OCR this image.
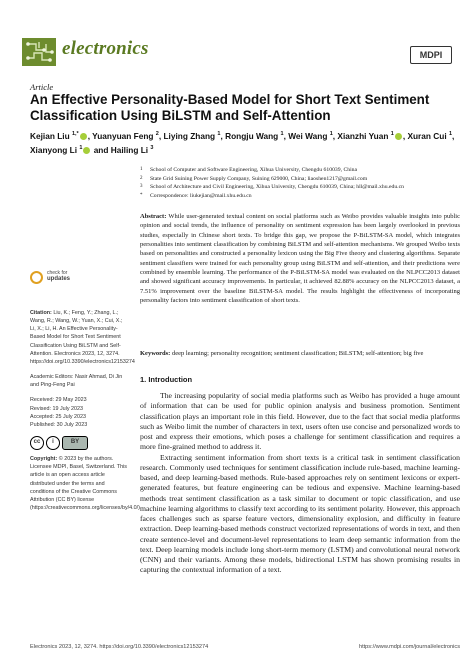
electronics	MDPI
Article
An Effective Personality-Based Model for Short Text Sentiment Classification Using BiLSTM and Self-Attention
Kejian Liu $^{1,*}$ , Yuanyuan Feng $^2$, Liying Zhang $^1$, Rongju Wang $^1$, Wei Wang $^1$, Xianzhi Yuan $^1$ , Xuran Cui $^1$, Xianyong Li $^1$ and Hailing Li $^3$
1	School of Computer and Software Engineering, Xihua University, Chengdu 610039, China
2	State Grid Suining Power Supply Company, Suining 629000, China; liaoshen1217@gmail.com
3	School of Architecture and Civil Engineering, Xihua University, Chengdu 610039, China; hll@mail.xhu.edu.cn
*	Correspondence: liukejian@mail.xhu.edu.cn
Abstract: While user-generated textual content on social platforms such as Weibo provides valuable insights into public opinion and social trends, the influence of personality on sentiment expression has been largely overlooked in previous studies, especially in Chinese short texts. To bridge this gap, we propose the P-BiLSTM-SA model, which integrates personalities into sentiment classification by combining BiLSTM and self-attention mechanisms. We grouped Weibo texts based on personalities and constructed a personality lexicon using the Big Five theory and clustering algorithms. Separate sentiment classifiers were trained for each personality group using BiLSTM and self-attention, and their predictions were combined by ensemble learning. The performance of the P-BiLSTM-SA model was evaluated on the NLPCC2013 dataset and showed significant accuracy improvements. In particular, it achieved 82.88% accuracy on the NLPCC2013 dataset, a 7.51% improvement over the baseline BiLSTM-SA model. The results highlight the effectiveness of incorporating personality factors into sentiment classification of short texts.
Keywords: deep learning; personality recognition; sentiment classification; BiLSTM; self-attention; big five
check for
updates

Citation: Liu, K.; Feng, Y.; Zhang, L.; Wang, R.; Wang, W.; Yuan, X.; Cui, X.; Li, X.; Li, H. An Effective Personality-Based Model for Short Text Sentiment Classification Using BiLSTM and Self-Attention. Electronics 2023, 12, 3274. https://doi.org/10.3390/electronics12153274

Academic Editors: Nasir Ahmad, Di Jin and Ping-Feng Pai

Received: 29 May 2023
Revised: 19 July 2023
Accepted: 25 July 2023
Published: 30 July 2023

cc	i	BY

Copyright: © 2023 by the authors. Licensee MDPI, Basel, Switzerland. This article is an open access article distributed under the terms and conditions of the Creative Commons Attribution (CC BY) license (https://creativecommons.org/licenses/by/4.0/).

1. Introduction

The increasing popularity of social media platforms such as Weibo has provided a huge amount of information that can be used for public opinion analysis and business promotion. Sentiment classification plays an important role in this field. However, due to the fact that social media platforms such as Weibo limit the number of characters in text, users often use concise and personalized words to post and express their emotions, which poses a challenge for sentiment classification and requires a more fine-grained method to address it.

Extracting sentiment information from short texts is a critical task in sentiment classification research. Commonly used techniques for sentiment classification include rule-based, machine learning-based, and deep learning-based methods. Rule-based approaches rely on sentiment lexicons or expert-generated features, but feature engineering can be tedious and expensive. Machine learning-based methods treat sentiment classification as a task similar to document or topic classification, and use machine learning algorithms to classify text according to its sentiment polarity. However, this approach faces challenges such as sparse feature vectors, dimensionality explosion, and difficulty in feature extraction. Deep learning-based methods construct vectorized representations of words in text, and then create sentence-level and document-level representations to learn deep semantic information from the text. Deep learning models include long short-term memory (LSTM) and convolutional neural network (CNN) and their variants. Among these models, bidirectional LSTM has shown promising results in capturing the contextual information of a text.

Electronics 2023, 12, 3274. https://doi.org/10.3390/electronics12153274	https://www.mdpi.com/journal/electronics
